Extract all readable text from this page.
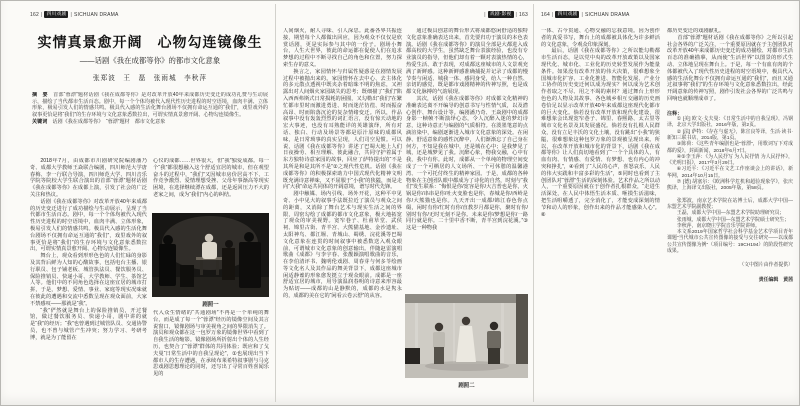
162 | 四川戏剧 | SICHUAN DRAMA
实情真景愈开阔　心物勾连镜像生
——话剧《我在成都等你》的都市文化意象
张郑波　王　磊　张雨城　李秋萍

摘　要　 首部“蓉漂”题材话剧《我在成都等你》是对改革开放40年来成都历史变迁的成功礼赞与生动展示，描绘了当代都市生活百态。剧中，每一个个体均被代入现代性历史进程的时空语境，血肉丰满、立体形象，极易引发人们的情感共鸣。极具代入感的生活化舞台剧场不仅拥有命运互通的“我们”，戏里戏外的叙事更恰是将“我们”的生存环境与文化意象悉数拉出，可谓实情真景愈开阔、心物勾连镜像生。

关键词　 话剧《我在成都等你》　“蓉漂”题材　都市文化意象

2018年7月，由成都市川剧研究院编剧潘乃奇、成都大学教师王焱联合编剧，四川师范大学唐春梅、李一行联合导演，四川师范大学、四川音乐学院等院校大学生联合演出的首部“蓉漂”题材话剧《我在成都等你》在成都上演，引发了社会的广泛关注和热议。

话剧《我在成都等你》对改革开放40年来成都的历史变迁进行了成功描绘与生动展示，呈现了当代都市生活百态。剧中，每一个个体均被代入现代性历史进程的时空语境中，血肉丰满、立体形象，极易引发人们的情感共鸣。极具代入感的生活化舞台剧场不仅拥有命运互通的“我们”，戏里戏外的叙事更恰是将“我们”的生存环境与文化意象悉数拉出，可谓实情真景愈开阔、心物勾连镜像生。

舞台上，观众看到形形色色的人们忙碌的身影及其背后鲜为人知的心酸故事，包括电台主播、银行职员、包子铺老板、城管执法员、餐饮服务员、保险推销员、快递小哥、大学教师、学生、茶馆艺人等。他们中的不同角色选择在这座宜居的城市打拼，于是，梦想、爱情、事业、家庭等现实况味就在彼此的遭遇和交流中悉数呈现在观众面前，大家不禁感叹——那就是“我”。

“我”俨然就是舞台上的保险推销员，开过餐馆，做过餐饮服务员、快递小哥，剧中讲的就是“我”的经历；“我”也曾遇到过城管队员、交通协警员，也不曾与城管产生冲突；努力学习、考研考博，就是为了能留在

心仪的成都……世界很大，但“我”独爱成都。每一个“我”都很想融入这个舒适宜居的城市，但在观望奋斗的过程中，“我们”又因城市房价居高不下、工作竞争激烈、爱情理想受挫、父母年事渐高等现实困境，在选择继续漂在成都，还是返回压力不大的老家之间，成为“我们”内心的纠结。

剧照一

代入众生情绪的“共通剧场”不再是一个单纯的舞台，而是成了每一个“蓉漂”经历的镜像空间及其言说窗口，镜像剧场与审美视角之间的界限消失了。演员和观众都在这一包罗万象的镜像世界中看到了自我生活的缩影。镜像剧场所折射出个体的人生经历，也契合了“蓉漂”群体的共同体验；既应和了戈夫曼“日常生活中的自我呈现论”，①也展现出当下都市人的生存遭遇，在承续布莱希特叙事剧与马克思戏剧思想理论的同时，还写出了寻常百姓喜闻乐见的

| 戏剧·影视 | 163

人间烟火，耐人寻味、引人深思。此番各界共振连接，期望每个人都做出回应，因为观众不仅仅是欣赏话剧，更是实际参与其中的一份子。剧场小舞台，人生大世界，彼此的命运都在促使人们在追求梦想的过程中不断寻找自己的角色和位置，努力探索生存的意义。

换言之，家园情怀与归属性疑惑是在剧情发展过程中被抛出来的。家园情怀在去中心、去主体化的多元散点透视中既夹杂着暗昧不明的焦虑，又袒露出对人间烟火家园缺失的思考；既细描了“我们”陷入西西弗斯式日常损耗的困囿，又勾勒出“我们”在繁忙都市里时而激进勇进、时而迷茫彷徨、时而振奋高昂、时而陷落沉沦的复杂情绪变迁。所以，作品叙事中没有轰轰烈烈的词汇语言，没有惊天动地的宏大事迹，也没有耳熟能详的英雄演绎，所有对话、独白、行动及场景等都是原汁原味的成都风味，是日常琐事的真实呈现，人们司空见惯。可以说，话剧《我在成都等你》讲述了巴蜀大地上人们日夜操劳、相互理解、彼此融合，共同守护着属于东方独特诗意家园的故事，回应了萨特提出的“不是其所是和是其所不是”②之现代性危机。话剧《我在成都等你》的积极探索助力中国式现代化精神文明既充满诗意禅味，又不屈服于“小我”的狭隘，而是走向“大我”命运共同体的开阔意境，谱写时代先锋。

剧中触媒、场内引线、场外开花，这种平中见奇、小中见大的叙事手法既拉近了演员与观众之间的距离，又消除了舞台艺术与现实生活之间的界限，周密勾绘了成都的都市文化意象，极大地拓宽了观众的审美视野。宽窄巷子、杜甫草堂、武侯祠、锦里古街、青羊宫、大熊猫基地、金沙遗址、太阳神鸟、都江堰、青城山、蜀绣、浣花溪等巴蜀文化意象在连贯的时间叙事中被悉数送入观众眼前，可谓城市文化意象的创意输出。伴随赵雷演唱歌曲《成都》与李宇春、张靓颖演唱歌曲的音乐，在李伯清评书、魏明伦戏剧、周春芽与何多苓绘画等文化名人及其作品的舞美背景下，成都这座城市闲适静谧的形象愈发挺立于观众眼前。成都是一座舒适宜居的城市，用导演温润春明的诗意来形容最为贴切——成都的山是静默的，成都的水是隽永的，成都的美在它的“闲看云卷云舒”的从容。

通过极具创意的舞台形式将成都悠闲舒适的独特文化意象准确表达出来，首先要归功于演员的本色表演。话剧《我在成都等你》的演员全部是大都进入成都高校的大学生，虽然缺乏舞台表演经验，也没有专业演员的指导，但他们却有着一颗对表演热情的心，热爱生活、敢于表现，对成都这座城市的人文景观充满了新鲜感。这种新鲜感准确捕捉并记录了成都的慢节奏与闲适、城我一体、感同身受，给人一种自然、亲切的感觉，既是都市戏剧精神的传神写照，也是成都文化脉搏的气韵展现。

其次，话剧《我在成都等你》对成都文化精神的准确表达离不开编导的创意书写与性情气质，以及潜心创作、舞台设计等。编剧潘乃奇、王焱剧中的成都身影一帧帧不断演绎心态，令人沉醉入迷的梦幻诗意，这种诗意正与编剧的气质相符。在泼墨笔意的点滴渲染中，编剧逐渐进入城市文化意象的深处。在闲静、舒适意象的感性沉醉中，人们渐渐忘了自己身在何方，不知是我在城中，还是城在心中；是我梦见了城，还是城梦见了我。沉醉心象，物我交融，心中有我，我中有你。此时，成都从一个单纯的物理空间变成了一个可栖居的人文场所、一个可休憩的温馨港湾、一个可托付终生的精神家园。于是，成都的各种物象在主创团队眼中都成为了诗化的自然，时刻与“我们”发生联系：“悔恨是你/宽容是你/大吉普也是你，火锅是你/串串是你/吐火变脸也是你，春城是你/西岭是你/大熊猫也是你。九天开出一成都/锦江春色你点缀，闲时有你/忙时有你/直教岁月都是你，聚时有你/别时有你/无时无刻不是你。未来是你/梦想是你/一路同行就是你。二十里中香不断，青羊宫到浣花溪。”③这是一种物我

剧照二
164 | 四川戏剧 | SICHUAN DRAMA

一体、古今贯通、心物交融的忘我意境。因为创作者的真爱书写，舞台上的成都被具体化为许多鲜活的文化意象，令观众印象深刻。

最后，话剧《我在成都等你》之所以能勾勒都市生活百态，是以党中央的改革开放政策以及国家现代化、城市化、工业化的历史转型发展作为能量条件。如果没有改革开放的伟大决策，很难想象全国城市化扩容、工业化推进、智能化发展、产业分工协作的历史变迁何以成为现实？何以成为艺术创作者取之不尽、用之不竭的素材？通过舞台上形形色色的人物及其故事、各色城乡相互交融的历史画卷恰足以显示改革开放40年来成都这座现代化都市的巨大变化。倘若没有改革开放和现代化建设，很难想象会出现宽窄巷子、锦里、春熙路、太古里等城市文化名景及其发展盛况。倘若没有扎根人民群众，没有立足丰沃的文化土壤，没有跳出“小我”的狭隘，很难想象这种包罗万象的景观被呈现出来。所以，在改革开放和城市化的背景下，话剧《我在成都等你》让人们真切地看到了“一个个具体的人，有血有肉、有情感、有爱情、有梦想、也有内心的冲突和挣扎”，④看到了“人民的心声，喜怒哀乐，人民的伟大实践和丰富多彩的生活”，⑤同时也看到了主创团队对“蓉漂”生活的深刻体验。艺术作品之所以动人，一个重要原因就在于创作者扎根群众，“走进生活深处，在人民中体悟生活本质、咂摸生活滋味，把生活咀嚼透了，完全消化了，才能变成深刻的情节和动人的形象，创作出来的作品才能感染人心”。⑥

都历史变迁的戏剧献礼。

首部“蓉漂”题材话剧《我在成都等你》之所以引起社会各界的广泛关注，一个重要原因就在于主创团队对改革开放40年来成都历史变迁的成功描绘、对都市生活百态的准确描摹，从而使“生活世界”以图景的形式生动、立体地呈现在舞台上。于是，每一个有血有肉的个体都被代入了现代性历史进程的时空语境中，极具代入感的生活化舞台不仅拥有命运互通的“我们”，而且又通过叙事将“我们”的生存环境与文化意象悉数拉出，经此开阔意象的传神写照，剧作引发社会各界的广泛共鸣与回响也就顺理成章了。

注释：

① [美] 欧文·戈夫曼：《日常生活中的自我呈现》，冯钢译，北京大学出版社，2016年版，第2页。

② [法] 萨特：《存在与虚无》，陈宣良等译，生活·读书·新知三联书店，2014版，第1页。

③陈荷：《这些青年编剧也是“蓉漂”，用歌词写下对成都的爱》，封面新闻，2018年6月7日。

④⑤李玉萍：《为人民抒写 为人民抒情 为人民抒怀》，《光明日报》，2017年3月29日。

⑥习近平：《习近平在文艺工作座谈会上的讲话》，新华网，2014年10月15日。

⑦ [德] 胡塞尔：《欧洲科学危机和超验现象学》，张庆熊译，上海译文出版社，2005年版，第58页。

张郑波，南京艺术学院在站博士后，成都大学中国—东盟艺术学院副教授；

王磊，成都大学中国—东盟艺术学院助理研究员；

张雨城，成都大学中国—东盟艺术学院硕士研究生；

李秋萍，南京晓庄学院音乐学院讲师。

本文系2019年国家哲学社会科学基金艺术学项目青年课题“当代城市公共宣传图像的接受与交往研究——以成都公共宣传图像为例”（项目编号：19CH194）的阶段性研究成果。

（文中图片由作者提供）

责任编辑　黄茜
